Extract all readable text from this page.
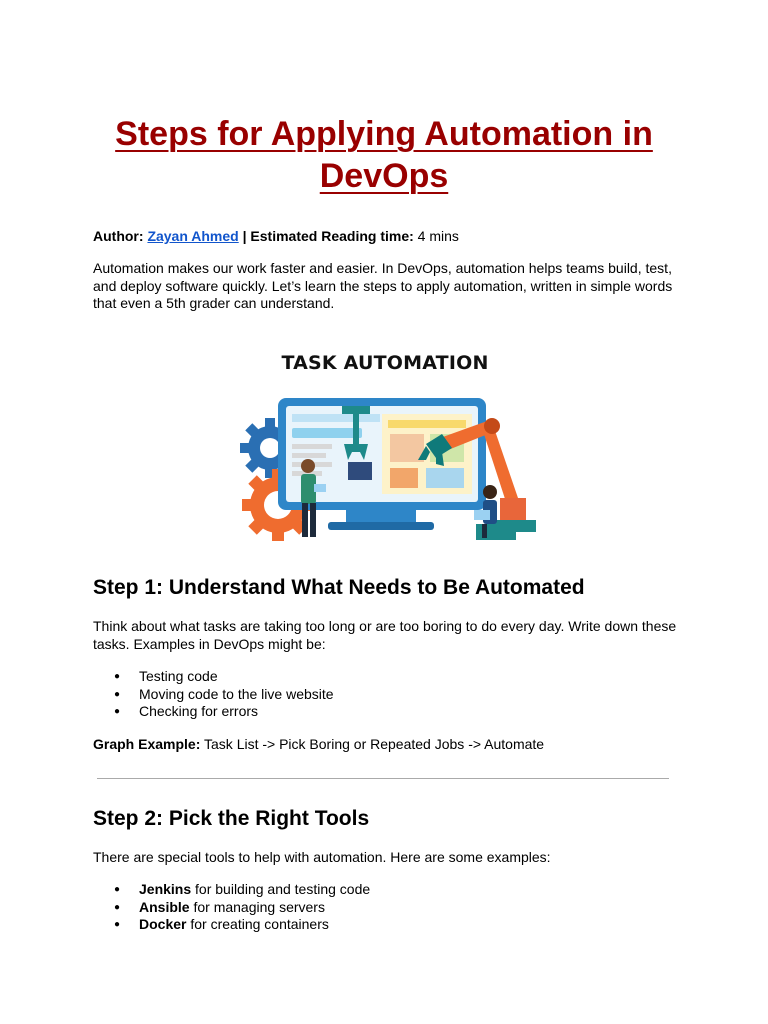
Steps for Applying Automation in DevOps

Author: Zayan Ahmed | Estimated Reading time: 4 mins

Automation makes our work faster and easier. In DevOps, automation helps teams build, test, and deploy software quickly. Let’s learn the steps to apply automation, written in simple words that even a 5th grader can understand.

TASK AUTOMATION
Step 1: Understand What Needs to Be Automated

Think about what tasks are taking too long or are too boring to do every day. Write down these tasks. Examples in DevOps might be:

● Testing code
● Moving code to the live website
● Checking for errors

Graph Example: Task List -> Pick Boring or Repeated Jobs -> Automate

Step 2: Pick the Right Tools

There are special tools to help with automation. Here are some examples:

● Jenkins for building and testing code
● Ansible for managing servers
● Docker for creating containers
